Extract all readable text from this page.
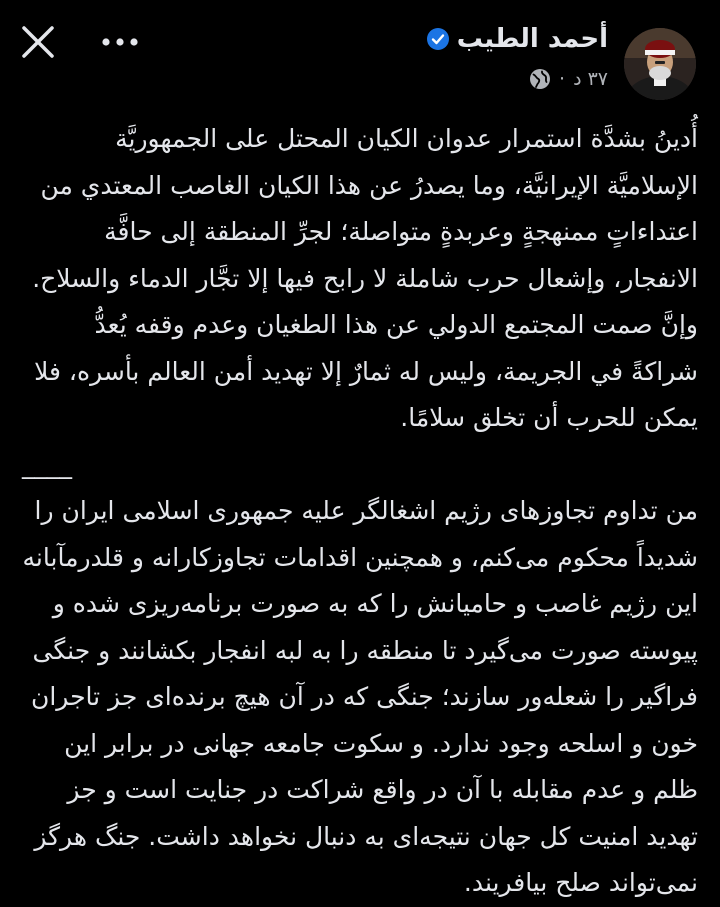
أحمد الطيب
٣٧ د
·

أُدينُ بشدَّة استمرار عدوان الكيان المحتل على الجمهوريَّة الإسلاميَّة الإيرانيَّة، وما يصدرُ عن هذا الكيان الغاصب المعتدي من اعتداءاتٍ ممنهجةٍ وعربدةٍ متواصلة؛ لجرِّ المنطقة إلى حافَّة الانفجار، وإشعال حرب شاملة لا رابح فيها إلا تجَّار الدماء والسلاح. وإنَّ صمت المجتمع الدولي عن هذا الطغيان وعدم وقفه يُعدُّ شراكةً في الجريمة، وليس له ثمارٌ إلا تهديد أمن العالم بأسره، فلا يمكن للحرب أن تخلق سلامًا.

____

من تداوم تجاوزهای رژیم اشغالگر علیه جمهوری اسلامی ایران را شدیداً محکوم می‌کنم، و همچنین اقدامات تجاوزکارانه و قلدرمآبانه این رژیم غاصب و حامیانش را که به صورت برنامه‌ریزی شده و پیوسته صورت می‌گیرد تا منطقه را به لبه انفجار بکشانند و جنگی فراگیر را شعله‌ور سازند؛ جنگی که در آن هیچ برنده‌ای جز تاجران خون و اسلحه وجود ندارد. و سکوت جامعه جهانی در برابر این ظلم و عدم مقابله با آن در واقع شراکت در جنایت است و جز تهدید امنیت کل جهان نتیجه‌ای به دنبال نخواهد داشت. جنگ هرگز نمی‌تواند صلح بیافریند.
